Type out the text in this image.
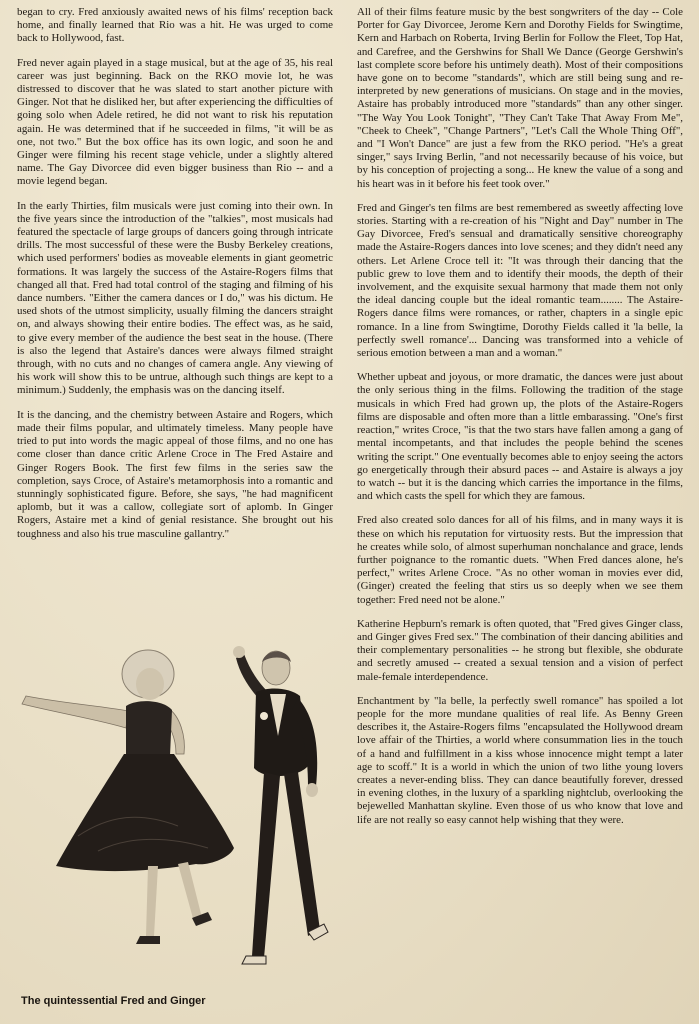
began to cry. Fred anxiously awaited news of his films' reception back home, and finally learned that Rio was a hit. He was urged to come back to Hollywood, fast.

Fred never again played in a stage musical, but at the age of 35, his real career was just beginning. Back on the RKO movie lot, he was distressed to discover that he was slated to start another picture with Ginger. Not that he disliked her, but after experiencing the difficulties of going solo when Adele retired, he did not want to risk his reputation again. He was determined that if he succeeded in films, "it will be as one, not two." But the box office has its own logic, and soon he and Ginger were filming his recent stage vehicle, under a slightly altered name. The Gay Divorcee did even bigger business than Rio -- and a movie legend began.

In the early Thirties, film musicals were just coming into their own. In the five years since the introduction of the "talkies", most musicals had featured the spectacle of large groups of dancers going through intricate drills. The most successful of these were the Busby Berkeley creations, which used performers' bodies as moveable elements in giant geometric formations. It was largely the success of the Astaire-Rogers films that changed all that. Fred had total control of the staging and filming of his dance numbers. "Either the camera dances or I do," was his dictum. He used shots of the utmost simplicity, usually filming the dancers straight on, and always showing their entire bodies. The effect was, as he said, to give every member of the audience the best seat in the house. (There is also the legend that Astaire's dances were always filmed straight through, with no cuts and no changes of camera angle. Any viewing of his work will show this to be untrue, although such things are kept to a minimum.) Suddenly, the emphasis was on the dancing itself.

It is the dancing, and the chemistry between Astaire and Rogers, which made their films popular, and ultimately timeless. Many people have tried to put into words the magic appeal of those films, and no one has come closer than dance critic Arlene Croce in The Fred Astaire and Ginger Rogers Book. The first few films in the series saw the completion, says Croce, of Astaire's metamorphosis into a romantic and stunningly sophisticated figure. Before, she says, "he had magnificent aplomb, but it was a callow, collegiate sort of aplomb. In Ginger Rogers, Astaire met a kind of genial resistance. She brought out his toughness and also his true masculine gallantry."

All of their films feature music by the best songwriters of the day -- Cole Porter for Gay Divorcee, Jerome Kern and Dorothy Fields for Swingtime, Kern and Harbach on Roberta, Irving Berlin for Follow the Fleet, Top Hat, and Carefree, and the Gershwins for Shall We Dance (George Gershwin's last complete score before his untimely death). Most of their compositions have gone on to become "standards", which are still being sung and re-interpreted by new generations of musicians. On stage and in the movies, Astaire has probably introduced more "standards" than any other singer. "The Way You Look Tonight", "They Can't Take That Away From Me", "Cheek to Cheek", "Change Partners", "Let's Call the Whole Thing Off", and "I Won't Dance" are just a few from the RKO period. "He's a great singer," says Irving Berlin, "and not necessarily because of his voice, but by his conception of projecting a song... He knew the value of a song and his heart was in it before his feet took over."

Fred and Ginger's ten films are best remembered as sweetly affecting love stories. Starting with a re-creation of his "Night and Day" number in The Gay Divorcee, Fred's sensual and dramatically sensitive choreography made the Astaire-Rogers dances into love scenes; and they didn't need any others. Let Arlene Croce tell it: "It was through their dancing that the public grew to love them and to identify their moods, the depth of their involvement, and the exquisite sexual harmony that made them not only the ideal dancing couple but the ideal romantic team........ The Astaire-Rogers dance films were romances, or rather, chapters in a single epic romance. In a line from Swingtime, Dorothy Fields called it 'la belle, la perfectly swell romance'... Dancing was transformed into a vehicle of serious emotion between a man and a woman."

Whether upbeat and joyous, or more dramatic, the dances were just about the only serious thing in the films. Following the tradition of the stage musicals in which Fred had grown up, the plots of the Astaire-Rogers films are disposable and often more than a little embarassing. "One's first reaction," writes Croce, "is that the two stars have fallen among a gang of mental incompetants, and that includes the people behind the scenes writing the script." One eventually becomes able to enjoy seeing the actors go energetically through their absurd paces -- and Astaire is always a joy to watch -- but it is the dancing which carries the importance in the films, and which casts the spell for which they are famous.

Fred also created solo dances for all of his films, and in many ways it is these on which his reputation for virtuosity rests. But the impression that he creates while solo, of almost superhuman nonchalance and grace, lends further poignance to the romantic duets. "When Fred dances alone, he's perfect," writes Arlene Croce. "As no other woman in movies ever did, (Ginger) created the feeling that stirs us so deeply when we see them together: Fred need not be alone."

Katherine Hepburn's remark is often quoted, that "Fred gives Ginger class, and Ginger gives Fred sex." The combination of their dancing abilities and their complementary personalities -- he strong but flexible, she obdurate and secretly amused -- created a sexual tension and a vision of perfect male-female interdependence.

Enchantment by "la belle, la perfectly swell romance" has spoiled a lot people for the more mundane qualities of real life. As Benny Green describes it, the Astaire-Rogers films "encapsulated the Hollywood dream love affair of the Thirties, a world where consummation lies in the touch of a hand and fulfillment in a kiss whose innocence might tempt a later age to scoff." It is a world in which the union of two lithe young lovers creates a never-ending bliss. They can dance beautifully forever, dressed in evening clothes, in the luxury of a sparkling nightclub, overlooking the bejewelled Manhattan skyline. Even those of us who know that love and life are not really so easy cannot help wishing that they were.

The quintessential Fred and Ginger
